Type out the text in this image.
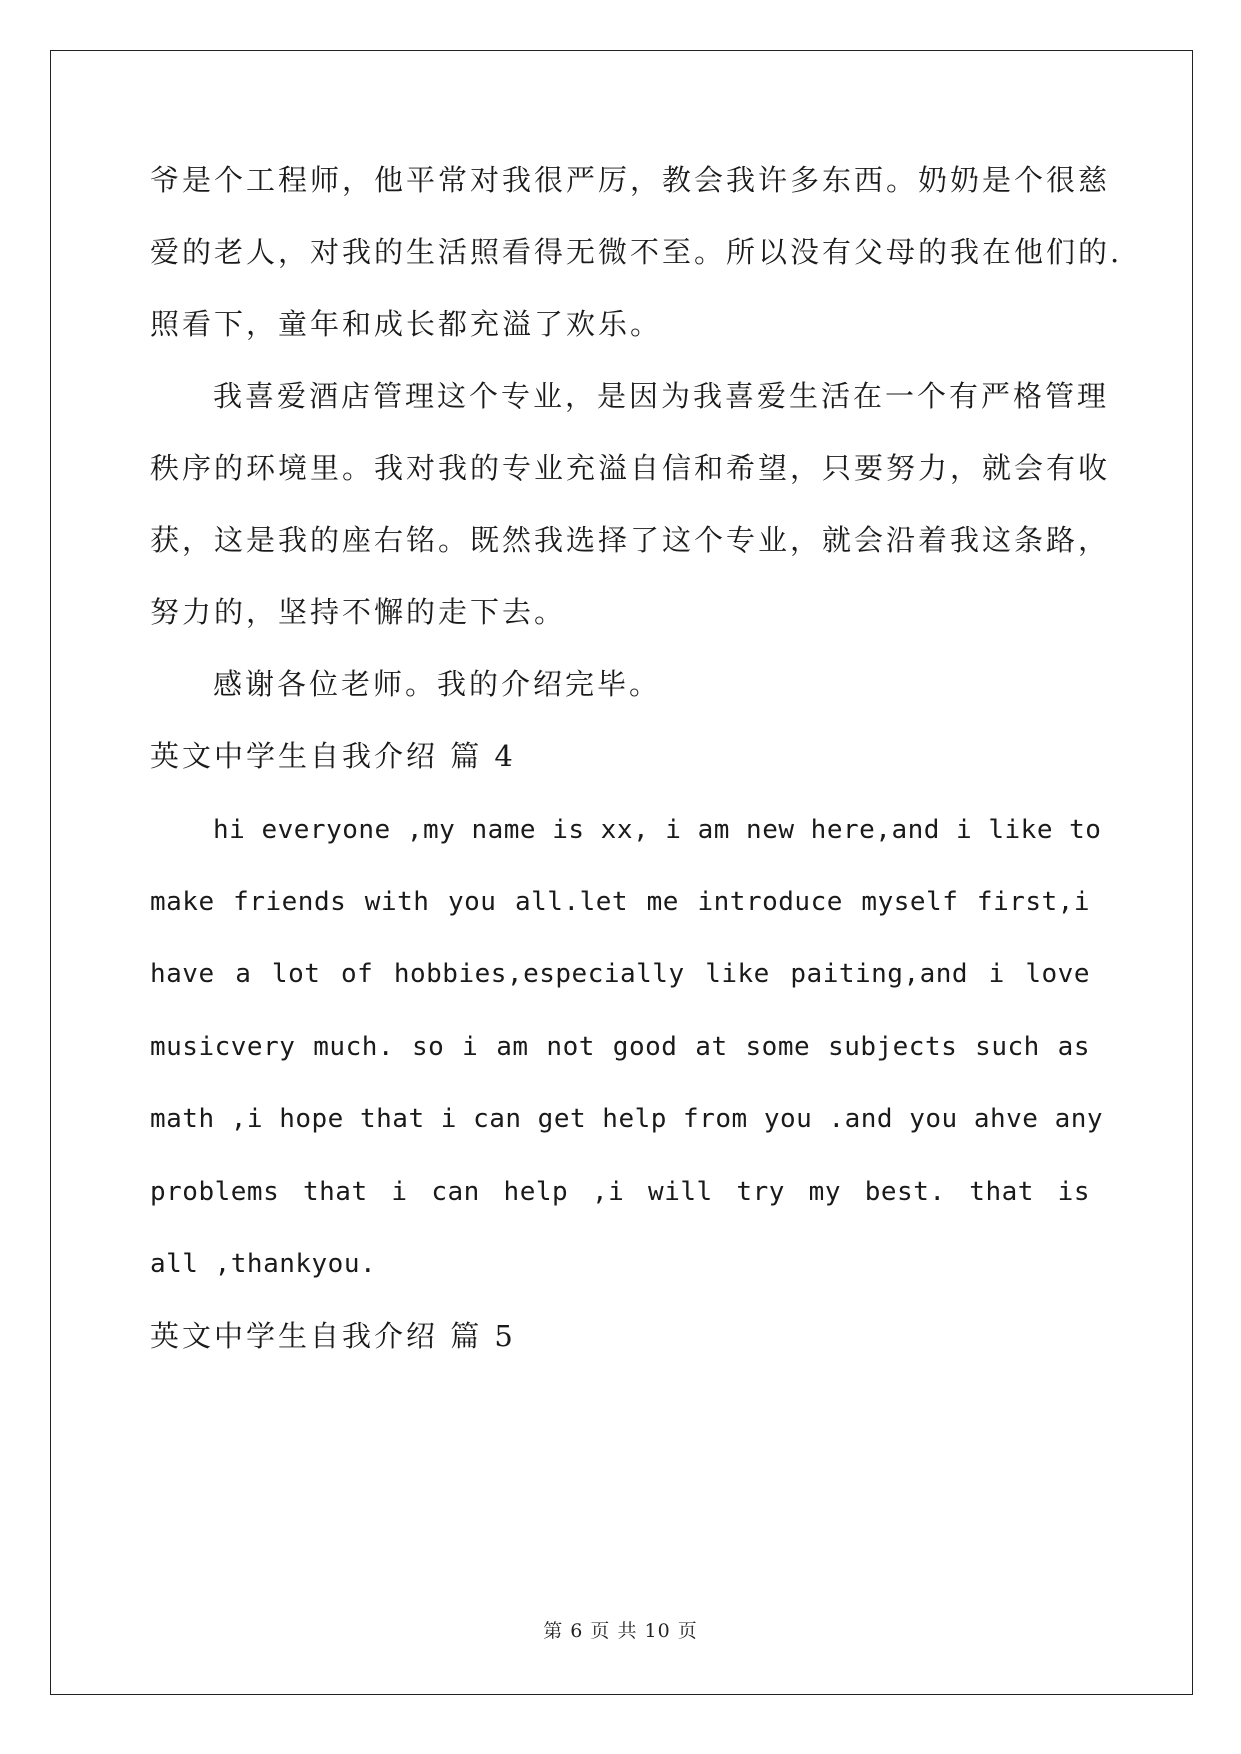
爷是个工程师，他平常对我很严厉，教会我许多东西。奶奶是个很慈
爱的老人，对我的生活照看得无微不至。所以没有父母的我在他们的.
照看下，童年和成长都充溢了欢乐。
我喜爱酒店管理这个专业，是因为我喜爱生活在一个有严格管理
秩序的环境里。我对我的专业充溢自信和希望，只要努力，就会有收
获，这是我的座右铭。既然我选择了这个专业，就会沿着我这条路，
努力的，坚持不懈的走下去。
感谢各位老师。我的介绍完毕。
英文中学生自我介绍 篇 4
hi everyone ,my name is xx, i am new here,and i like to
make friends with you all.let me introduce myself first,i
have a lot of hobbies,especially like paiting,and i love
musicvery much. so i am not good at some subjects such as
math ,i hope that i can get help from you .and you ahve any
problems that i can help ,i will try my best. that is
all ,thankyou.
英文中学生自我介绍 篇 5
第 6 页 共 10 页
